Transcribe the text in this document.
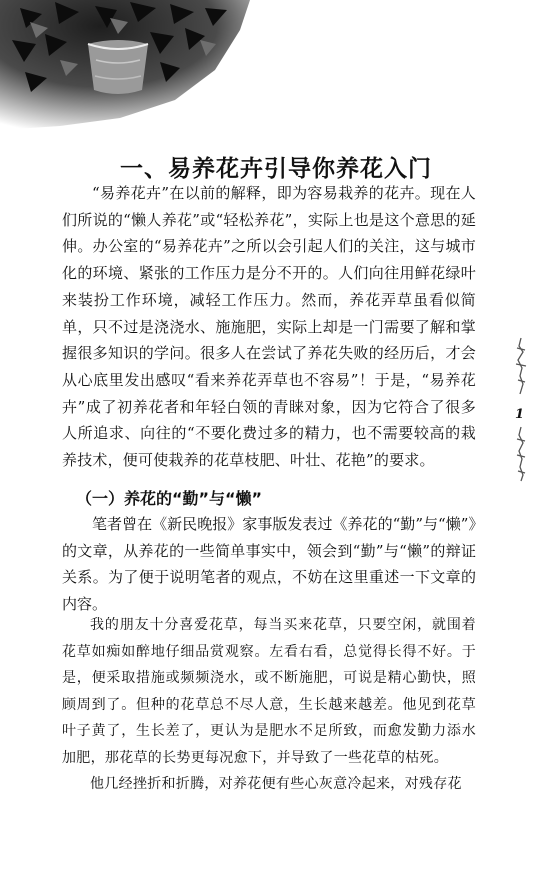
一、易养花卉引导你养花入门

“易养花卉”在以前的解释，即为容易栽养的花卉。现在人们所说的“懒人养花”或“轻松养花”，实际上也是这个意思的延伸。办公室的“易养花卉”之所以会引起人们的关注，这与城市化的环境、紧张的工作压力是分不开的。人们向往用鲜花绿叶来装扮工作环境，减轻工作压力。然而，养花弄草虽看似简单，只不过是浇浇水、施施肥，实际上却是一门需要了解和掌握很多知识的学问。很多人在尝试了养花失败的经历后，才会从心底里发出感叹“看来养花弄草也不容易”！于是，“易养花卉”成了初养花者和年轻白领的青睐对象，因为它符合了很多人所追求、向往的“不要化费过多的精力，也不需要较高的栽养技术，便可使栽养的花草枝肥、叶壮、花艳”的要求。

（一）养花的“勤”与“懒”

笔者曾在《新民晚报》家事版发表过《养花的“勤”与“懒”》的文章，从养花的一些简单事实中，领会到“勤”与“懒”的辩证关系。为了便于说明笔者的观点，不妨在这里重述一下文章的内容。

我的朋友十分喜爱花草，每当买来花草，只要空闲，就围着花草如痴如醉地仔细品赏观察。左看右看，总觉得长得不好。于是，便采取措施或频频浇水，或不断施肥，可说是精心勤快，照顾周到了。但种的花草总不尽人意，生长越来越差。他见到花草叶子黄了，生长差了，更认为是肥水不足所致，而愈发勤力添水加肥，那花草的长势更每况愈下，并导致了一些花草的枯死。

他几经挫折和折腾，对养花便有些心灰意冷起来，对残存花

1
